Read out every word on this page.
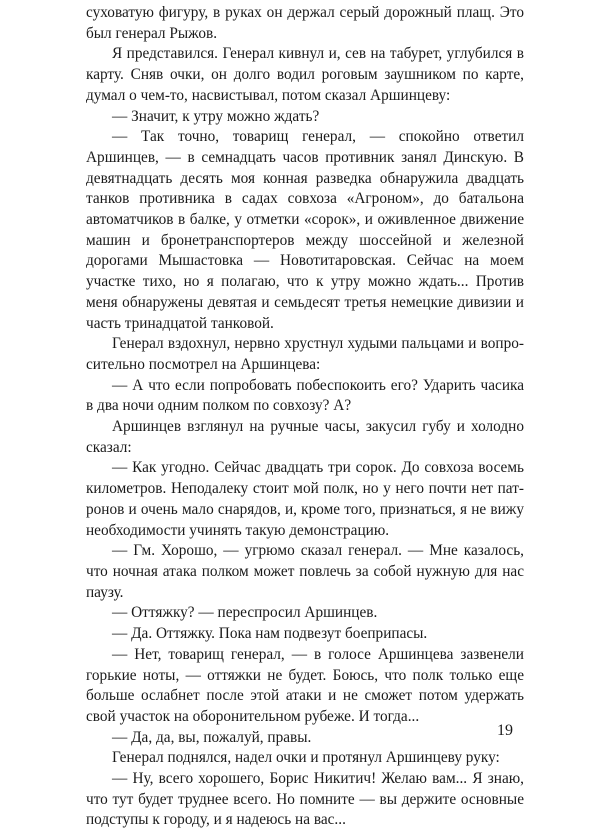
суховатую фигуру, в руках он держал серый дорожный плащ. Это был генерал Рыжов.

Я представился. Генерал кивнул и, сев на табурет, углубился в карту. Сняв очки, он долго водил роговым заушником по карте, думал о чем-то, насвистывал, потом сказал Аршинцеву:

— Значит, к утру можно ждать?

— Так точно, товарищ генерал, — спокойно ответил Аршинцев, — в семнадцать часов противник занял Динскую. В девятнадцать десять моя конная разведка обнаружила двадцать танков противника в садах совхоза «Агроном», до батальона автоматчиков в балке, у отметки «сорок», и оживленное движение машин и бронетранспортеров между шоссейной и железной дорогами Мышастовка — Новотитаровская. Сейчас на моем участке тихо, но я полагаю, что к утру можно ждать... Против меня обнаружены девятая и семьдесят третья немецкие дивизии и часть тринадцатой танковой.

Генерал вздохнул, нервно хрустнул худыми пальцами и вопросительно посмотрел на Аршинцева:

— А что если попробовать побеспокоить его? Ударить часика в два ночи одним полком по совхозу? А?

Аршинцев взглянул на ручные часы, закусил губу и холодно сказал:

— Как угодно. Сейчас двадцать три сорок. До совхоза восемь километров. Неподалеку стоит мой полк, но у него почти нет патронов и очень мало снарядов, и, кроме того, признаться, я не вижу необходимости учинять такую демонстрацию.

— Гм. Хорошо, — угрюмо сказал генерал. — Мне казалось, что ночная атака полком может повлечь за собой нужную для нас паузу.

— Оттяжку? — переспросил Аршинцев.

— Да. Оттяжку. Пока нам подвезут боеприпасы.

— Нет, товарищ генерал, — в голосе Аршинцева зазвенели горькие ноты, — оттяжки не будет. Боюсь, что полк только еще больше ослабнет после этой атаки и не сможет потом удержать свой участок на оборонительном рубеже. И тогда...

— Да, да, вы, пожалуй, правы.

Генерал поднялся, надел очки и протянул Аршинцеву руку:

— Ну, всего хорошего, Борис Никитич! Желаю вам... Я знаю, что тут будет труднее всего. Но помните — вы держите основные подступы к городу, и я надеюсь на вас...

19
